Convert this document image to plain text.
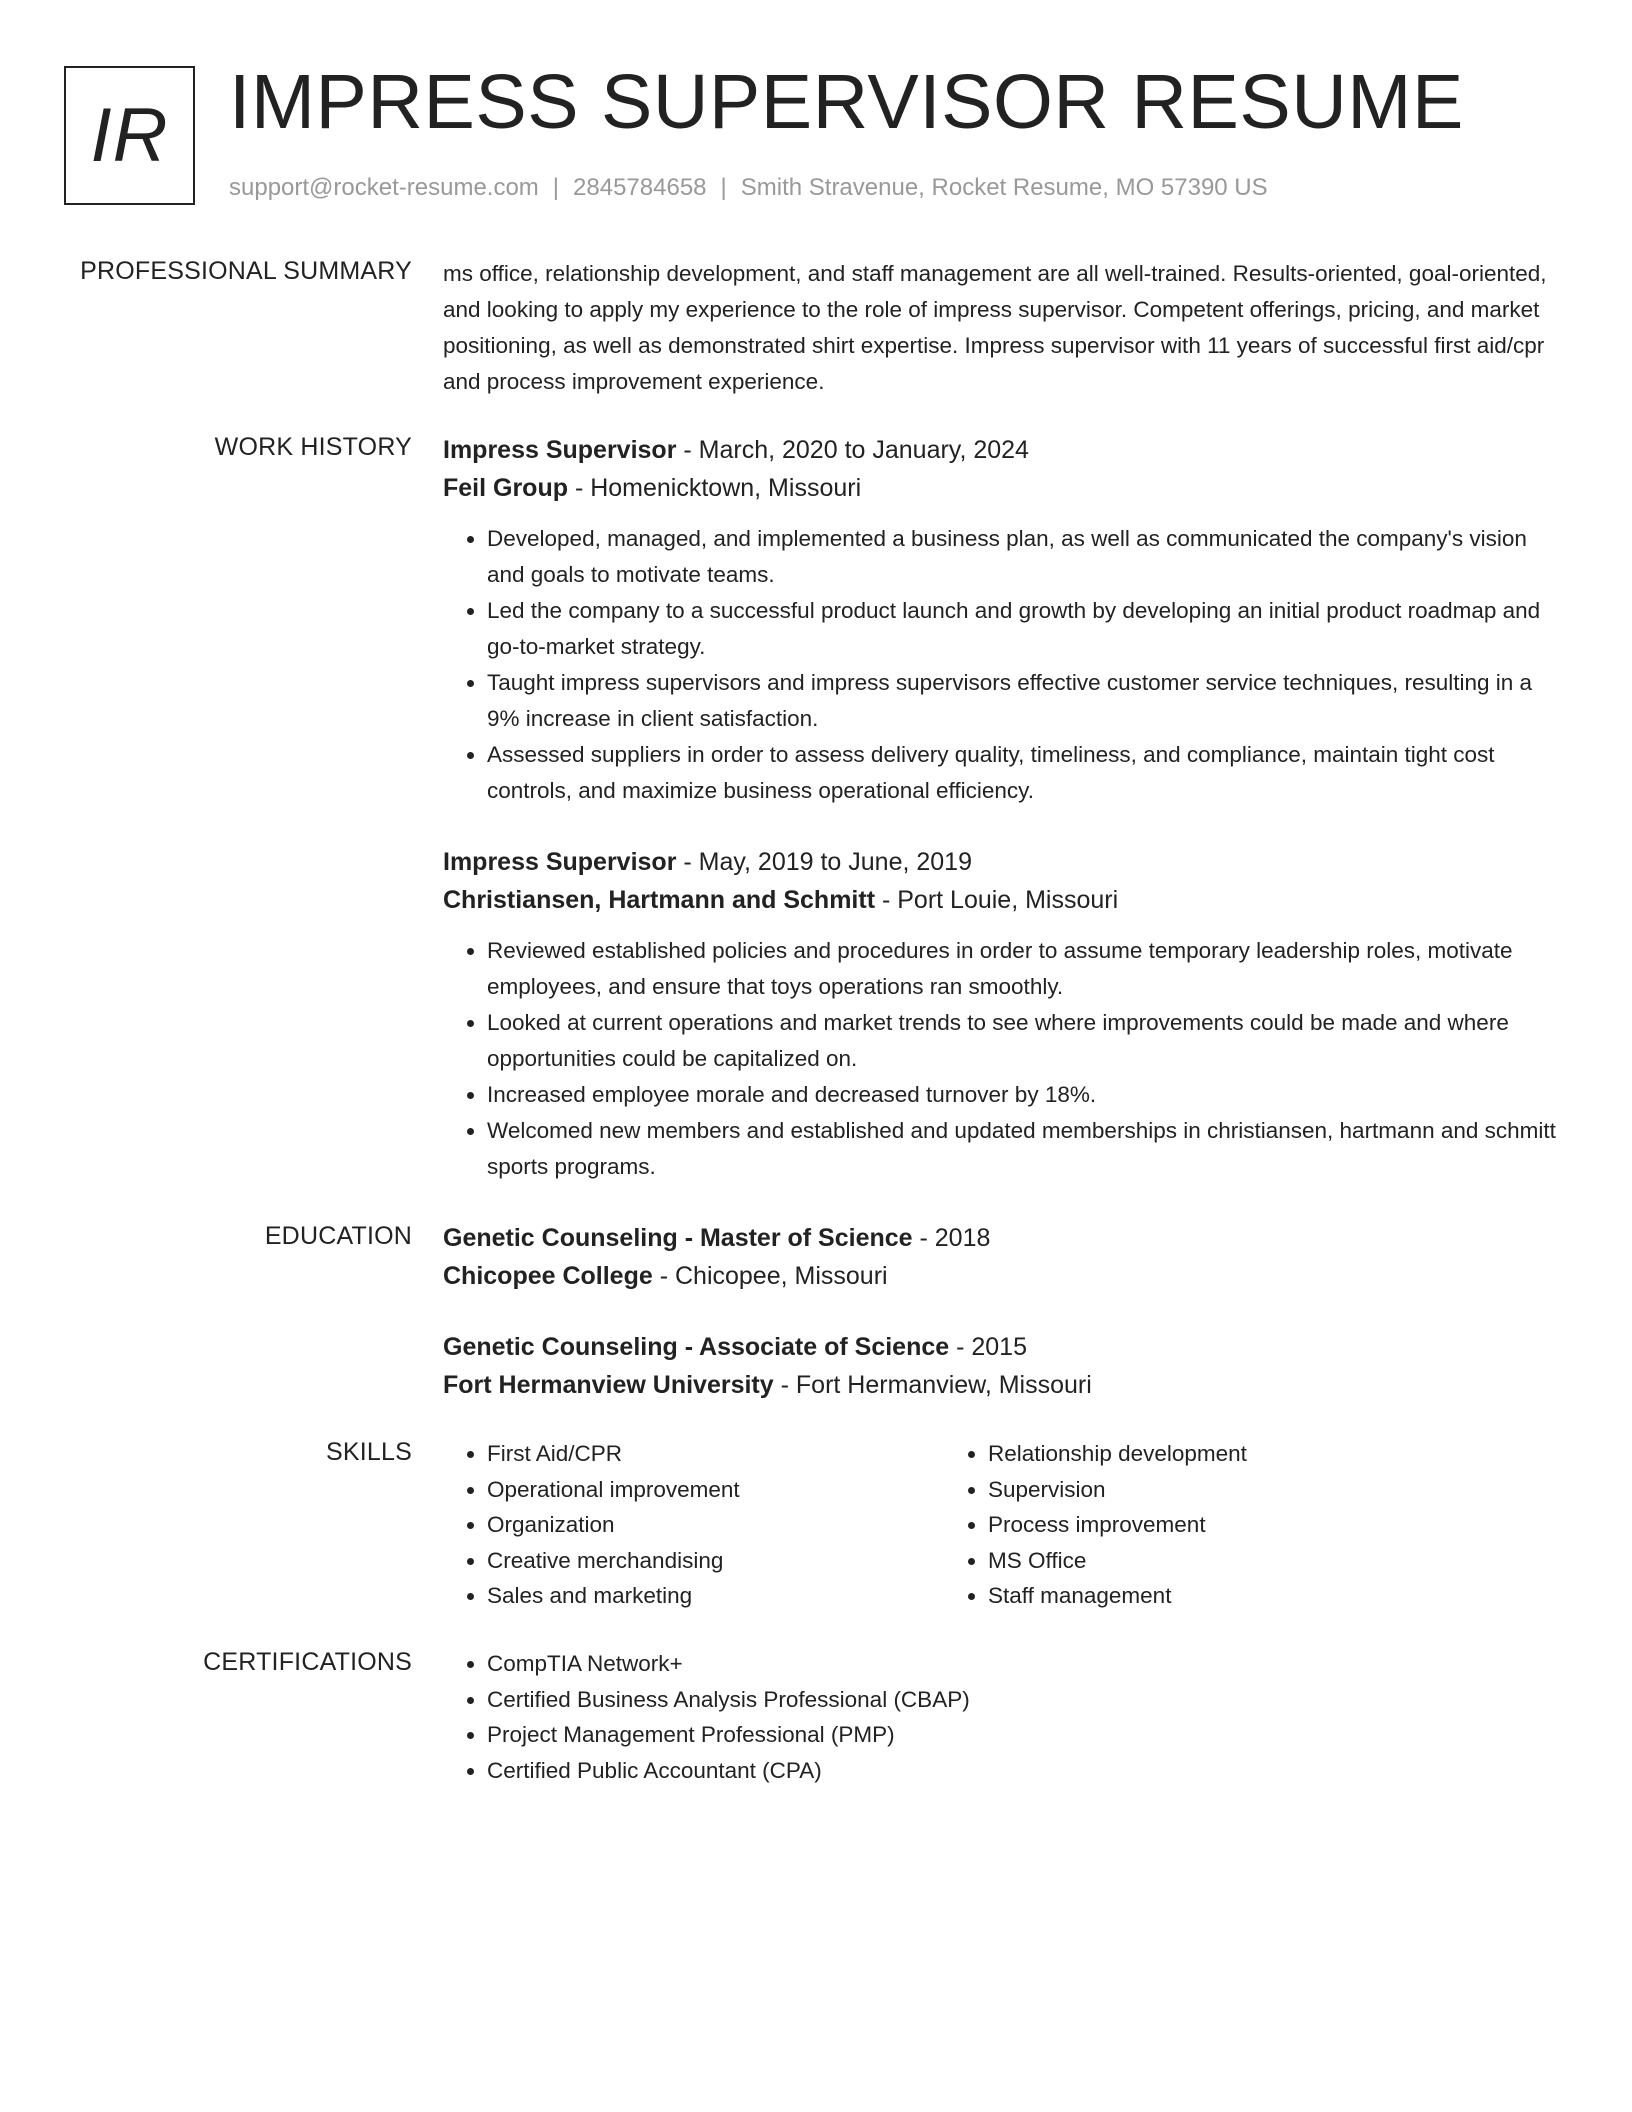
IR IMPRESS SUPERVISOR RESUME
support@rocket-resume.com | 2845784658 | Smith Stravenue, Rocket Resume, MO 57390 US
PROFESSIONAL SUMMARY ms office, relationship development, and staff management are all well-trained. Results-oriented, goal-oriented, and looking to apply my experience to the role of impress supervisor. Competent offerings, pricing, and market positioning, as well as demonstrated shirt expertise. Impress supervisor with 11 years of successful first aid/cpr and process improvement experience.

WORK HISTORY Impress Supervisor - March, 2020 to January, 2024
Feil Group - Homenicktown, Missouri
• Developed, managed, and implemented a business plan, as well as communicated the company's vision and goals to motivate teams.
• Led the company to a successful product launch and growth by developing an initial product roadmap and go-to-market strategy.
• Taught impress supervisors and impress supervisors effective customer service techniques, resulting in a 9% increase in client satisfaction.
• Assessed suppliers in order to assess delivery quality, timeliness, and compliance, maintain tight cost controls, and maximize business operational efficiency.
Impress Supervisor - May, 2019 to June, 2019
Christiansen, Hartmann and Schmitt - Port Louie, Missouri
• Reviewed established policies and procedures in order to assume temporary leadership roles, motivate employees, and ensure that toys operations ran smoothly.
• Looked at current operations and market trends to see where improvements could be made and where opportunities could be capitalized on.
• Increased employee morale and decreased turnover by 18%.
• Welcomed new members and established and updated memberships in christiansen, hartmann and schmitt sports programs.
EDUCATION Genetic Counseling - Master of Science - 2018
Chicopee College - Chicopee, Missouri
Genetic Counseling - Associate of Science - 2015
Fort Hermanview University - Fort Hermanview, Missouri
SKILLS	• First Aid/CPR
• Operational improvement
• Organization
• Creative merchandising
• Sales and marketing
• Relationship development
• Supervision
• Process improvement
• MS Office
• Staff management
CERTIFICATIONS	• CompTIA Network+
• Certified Business Analysis Professional (CBAP)
• Project Management Professional (PMP)
• Certified Public Accountant (CPA)
